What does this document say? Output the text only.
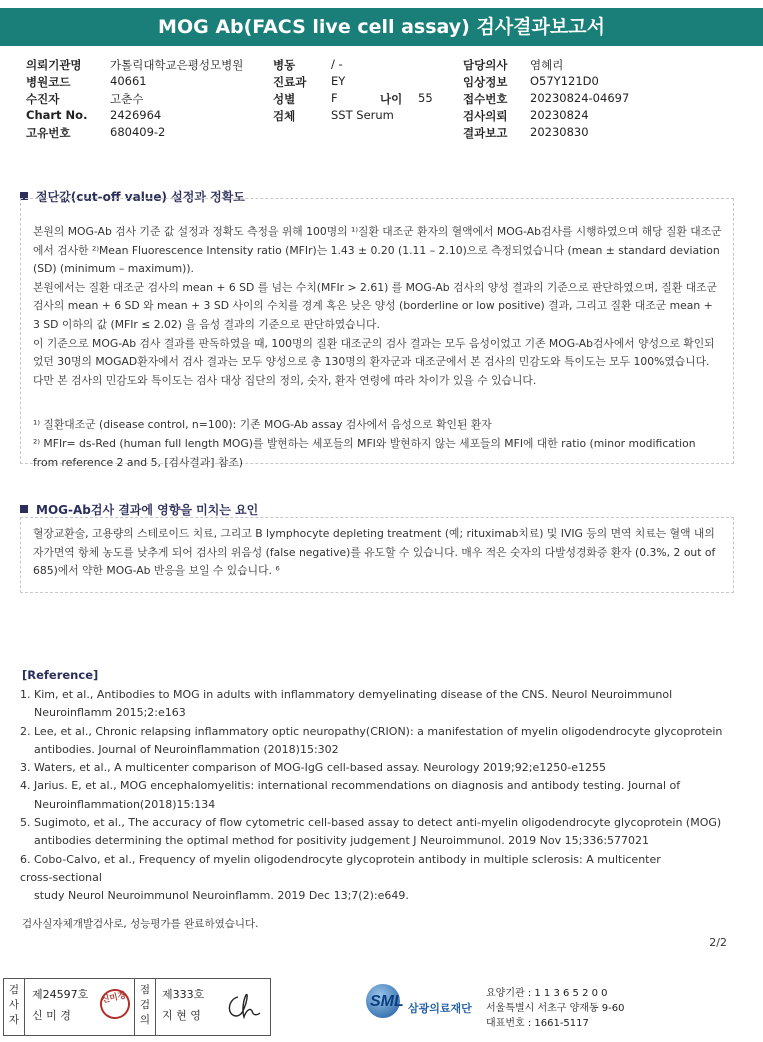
MOG Ab(FACS live cell assay) 검사결과보고서
의뢰기관명 가톨릭대학교은평성모병원	병동	/ -	담당의사 염혜리
병원코드	40661	진료과 EY	임상정보 O57Y121D0
수진자	고춘수	성별	F	나이 55	접수번호 20230824-04697
Chart No. 2426964	검체	SST Serum	검사의뢰 20230824
고유번호	680409-2	결과보고 20230830
절단값(cut-off value) 설정과 정확도

본원의 MOG-Ab 검사 기준 값 설정과 정확도 측정을 위해 100명의 ¹⁾질환 대조군 환자의 혈액에서 MOG-Ab검사를 시행하였으며 해당 질환 대조군에서 검사한 ²⁾Mean Fluorescence Intensity ratio (MFIr)는 1.43 ± 0.20 (1.11 – 2.10)으로 측정되었습니다 (mean ± standard deviation (SD) (minimum – maximum)).

본원에서는 질환 대조군 검사의 mean + 6 SD 를 넘는 수치(MFIr > 2.61) 를 MOG-Ab 검사의 양성 결과의 기준으로 판단하였으며, 질환 대조군 검사의 mean + 6 SD 와 mean + 3 SD 사이의 수치를 경계 혹은 낮은 양성 (borderline or low positive) 결과, 그리고 질환 대조군 mean + 3 SD 이하의 값 (MFIr ≤ 2.02) 을 음성 결과의 기준으로 판단하였습니다.

이 기준으로 MOG-Ab 검사 결과를 판독하였을 때, 100명의 질환 대조군의 검사 결과는 모두 음성이었고 기존 MOG-Ab검사에서 양성으로 확인되었던 30명의 MOGAD환자에서 검사 결과는 모두 양성으로 총 130명의 환자군과 대조군에서 본 검사의 민감도와 특이도는 모두 100%였습니다. 다만 본 검사의 민감도와 특이도는 검사 대상 집단의 정의, 숫자, 환자 연령에 따라 차이가 있을 수 있습니다.

¹⁾ 질환대조군 (disease control, n=100): 기존 MOG-Ab assay 검사에서 음성으로 확인된 환자

²⁾ MFIr= ds-Red (human full length MOG)를 발현하는 세포들의 MFI와 발현하지 않는 세포들의 MFI에 대한 ratio (minor modification from reference 2 and 5, [검사결과] 참조)

MOG-Ab검사 결과에 영향을 미치는 요인

혈장교환술, 고용량의 스테로이드 치료, 그리고 B lymphocyte depleting treatment (예; rituximab치료) 및 IVIG 등의 면역 치료는 혈액 내의 자가면역 항체 농도를 낮추게 되어 검사의 위음성 (false negative)를 유도할 수 있습니다. 매우 적은 숫자의 다발성경화증 환자 (0.3%, 2 out of 685)에서 약한 MOG-Ab 반응을 보일 수 있습니다. ⁶

[Reference]

1. Kim, et al., Antibodies to MOG in adults with inflammatory demyelinating disease of the CNS. Neurol Neuroimmunol

Neuroinflamm 2015;2:e163

2. Lee, et al., Chronic relapsing inflammatory optic neuropathy(CRION): a manifestation of myelin oligodendrocyte glycoprotein

antibodies. Journal of Neuroinflammation (2018)15:302

3. Waters, et al., A multicenter comparison of MOG-IgG cell-based assay. Neurology 2019;92;e1250-e1255

4. Jarius. E, et al., MOG encephalomyelitis: international recommendations on diagnosis and antibody testing. Journal of

Neuroinflammation(2018)15:134

5. Sugimoto, et al., The accuracy of flow cytometric cell-based assay to detect anti-myelin oligodendrocyte glycoprotein (MOG)

antibodies determining the optimal method for positivity judgement J Neuroimmunol. 2019 Nov 15;336:577021

6. Cobo-Calvo, et al., Frequency of myelin oligodendrocyte glycoprotein antibody in multiple sclerosis: A multicenter

cross-sectional

study Neurol Neuroimmunol Neuroinflamm. 2019 Dec 13;7(2):e649.

검사실자체개발검사로, 성능평가를 완료하였습니다.
2/2
검사자
제24597호
신 미 경
신미경
점검의
제333호
지 현 영
SML 삼광의료재단
요양기관 : 1 1 3 6 5 2 0 0
서울특별시 서초구 양재동 9-60
대표번호 : 1661-5117
